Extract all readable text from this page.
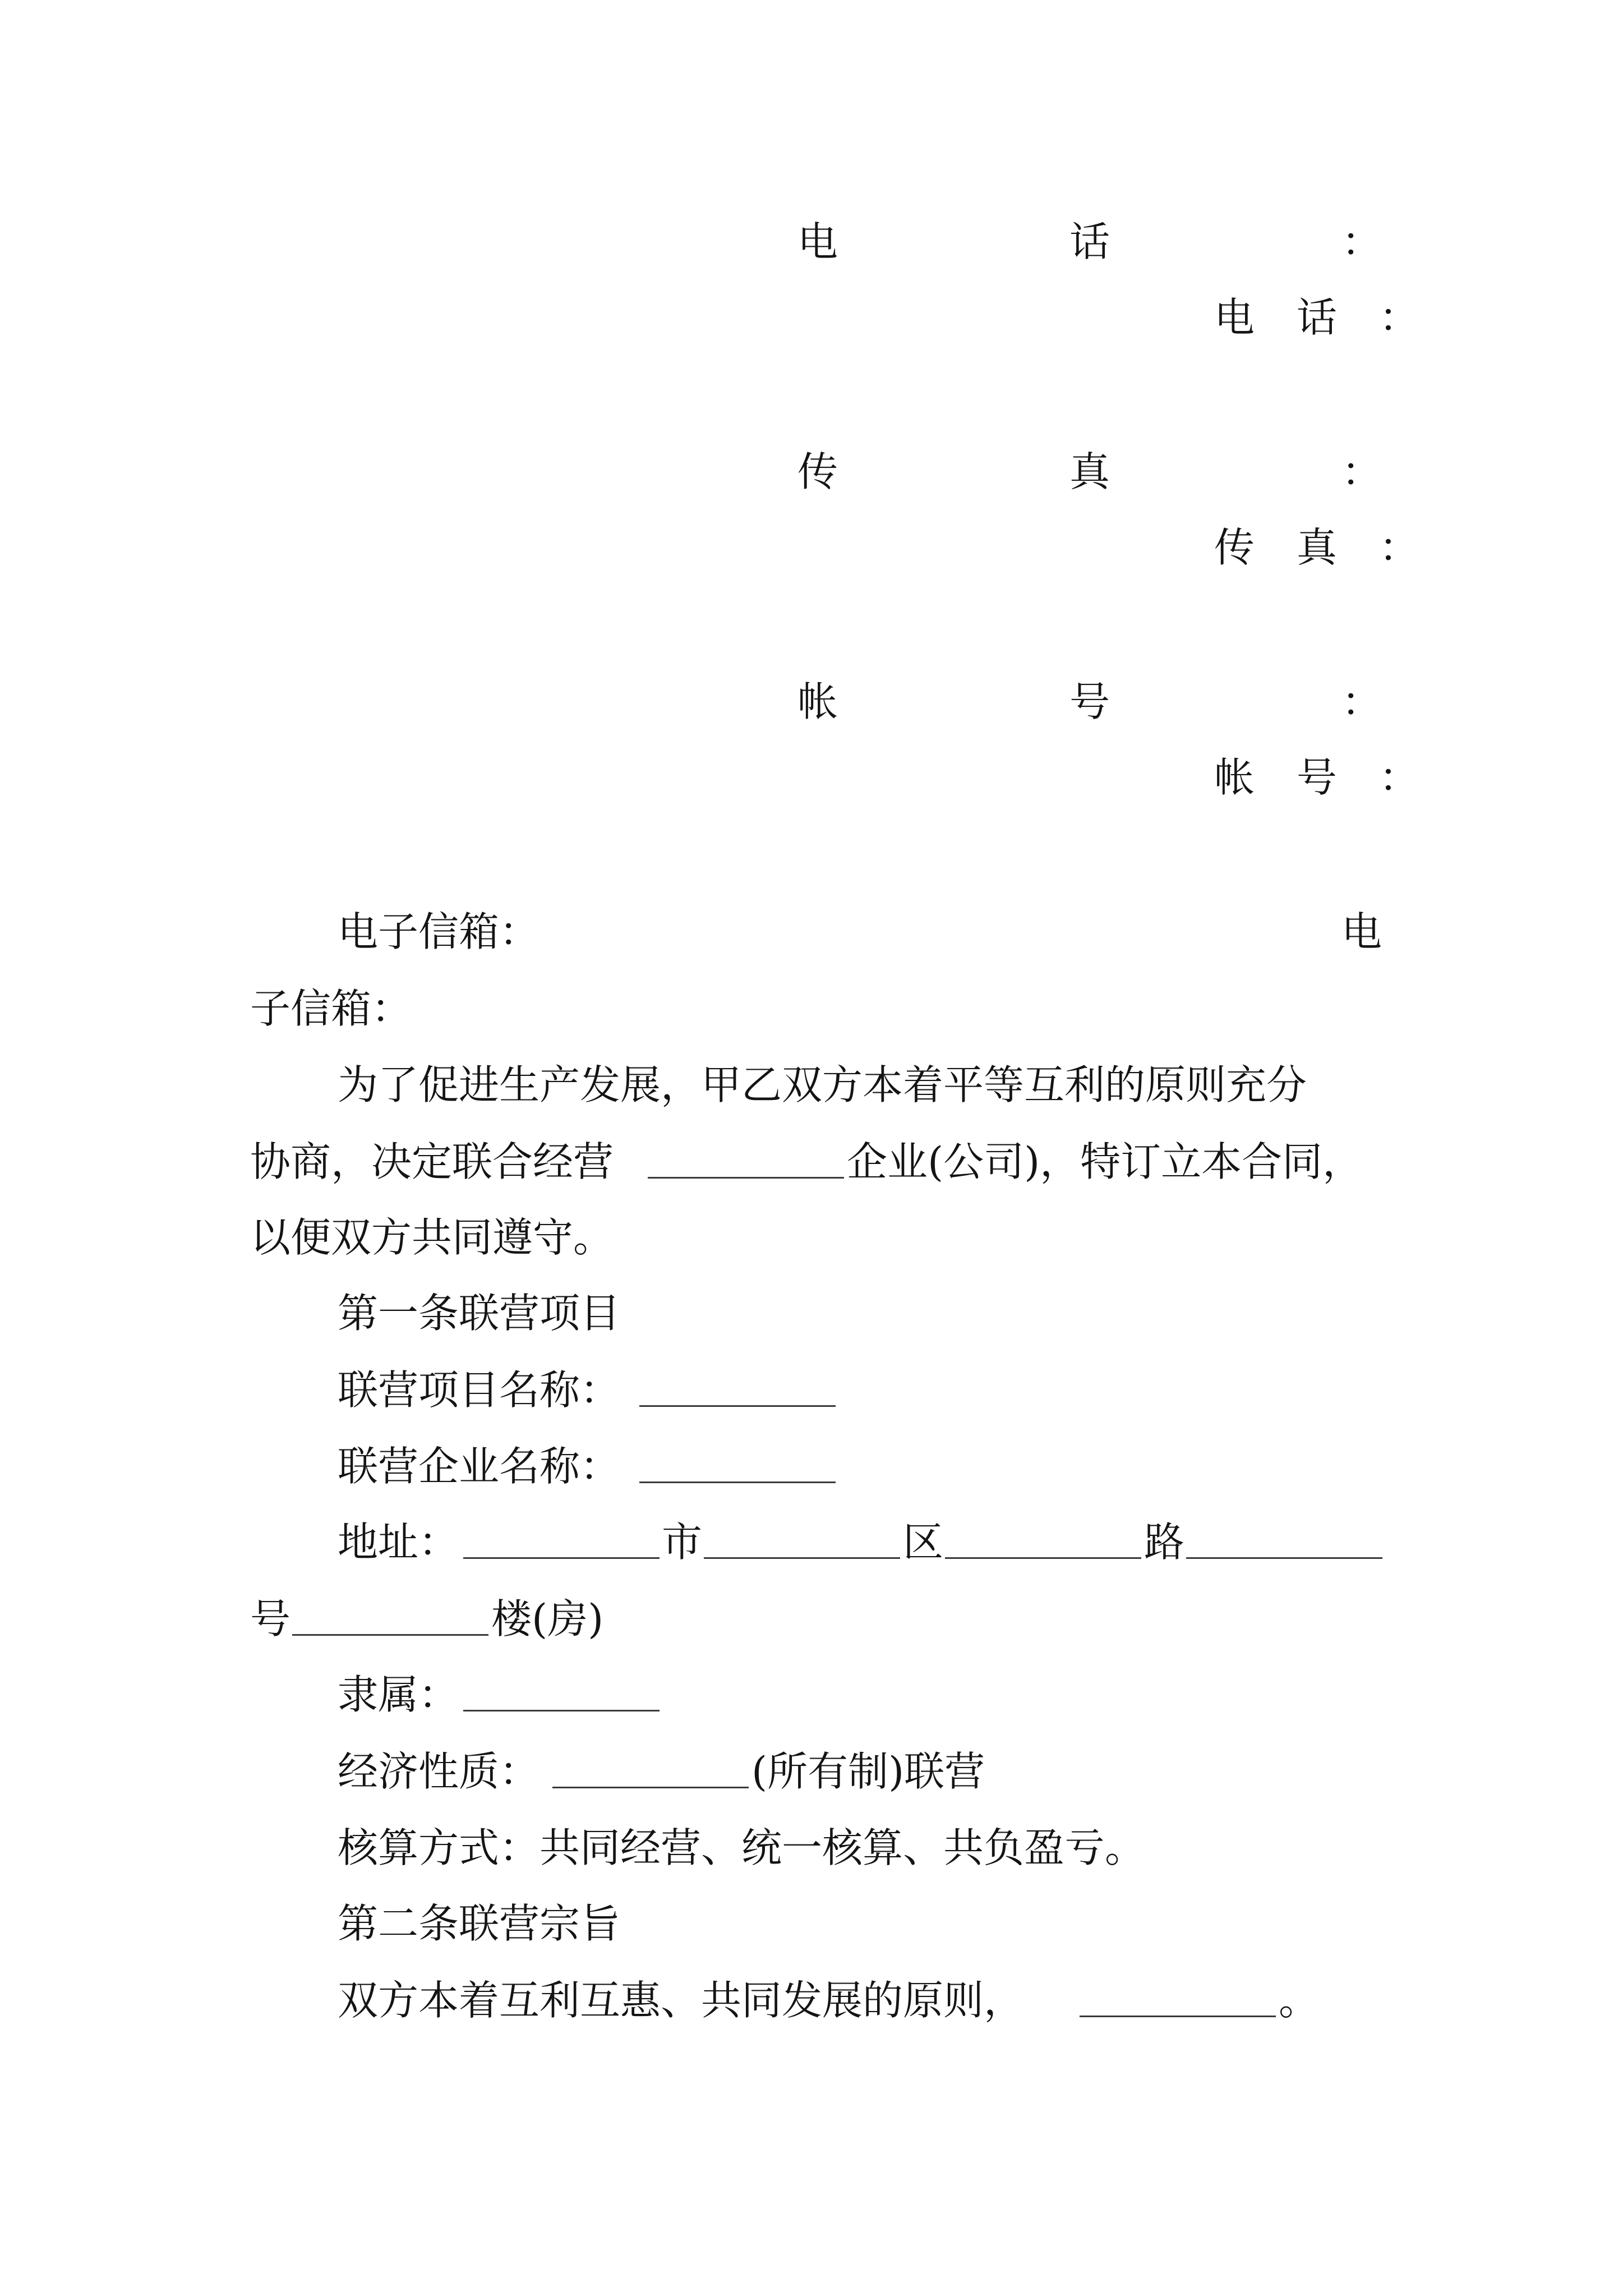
电	话	：
电 话 ：
传	真	：
传 真 ：
帐	号	：
帐 号 ：
电子信箱：	电
子信箱：
为了促进生产发展，甲乙双方本着平等互利的原则充分
协商，决定联合经营	企业(公司)，特订立本合同，
以便双方共同遵守。
第一条联营项目
联营项目名称：
联营企业名称：
地址：	市	区	路
号	楼(房)
隶属：
经济性质：	(所有制)联营
核算方式：共同经营、统一核算、共负盈亏。
第二条联营宗旨
双方本着互利互惠、共同发展的原则，	。
